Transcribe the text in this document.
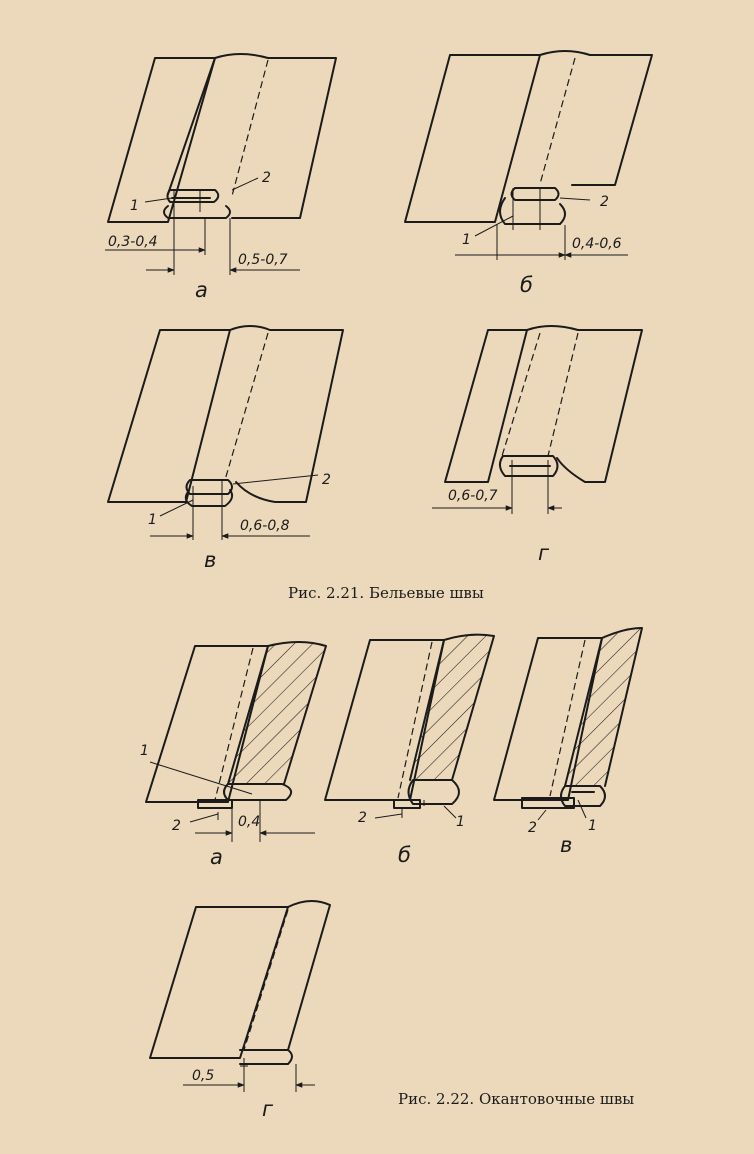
1
2
0,3-0,4
0,5-0,7
а
1
2
0,4-0,6
б
1
2
0,6-0,8
в
0,6-0,7
г
Рис. 2.21. Бельевые швы
1
2	0,4
а
1
2
б
1
2
в
0,5
г	Рис. 2.22. Окантовочные швы
